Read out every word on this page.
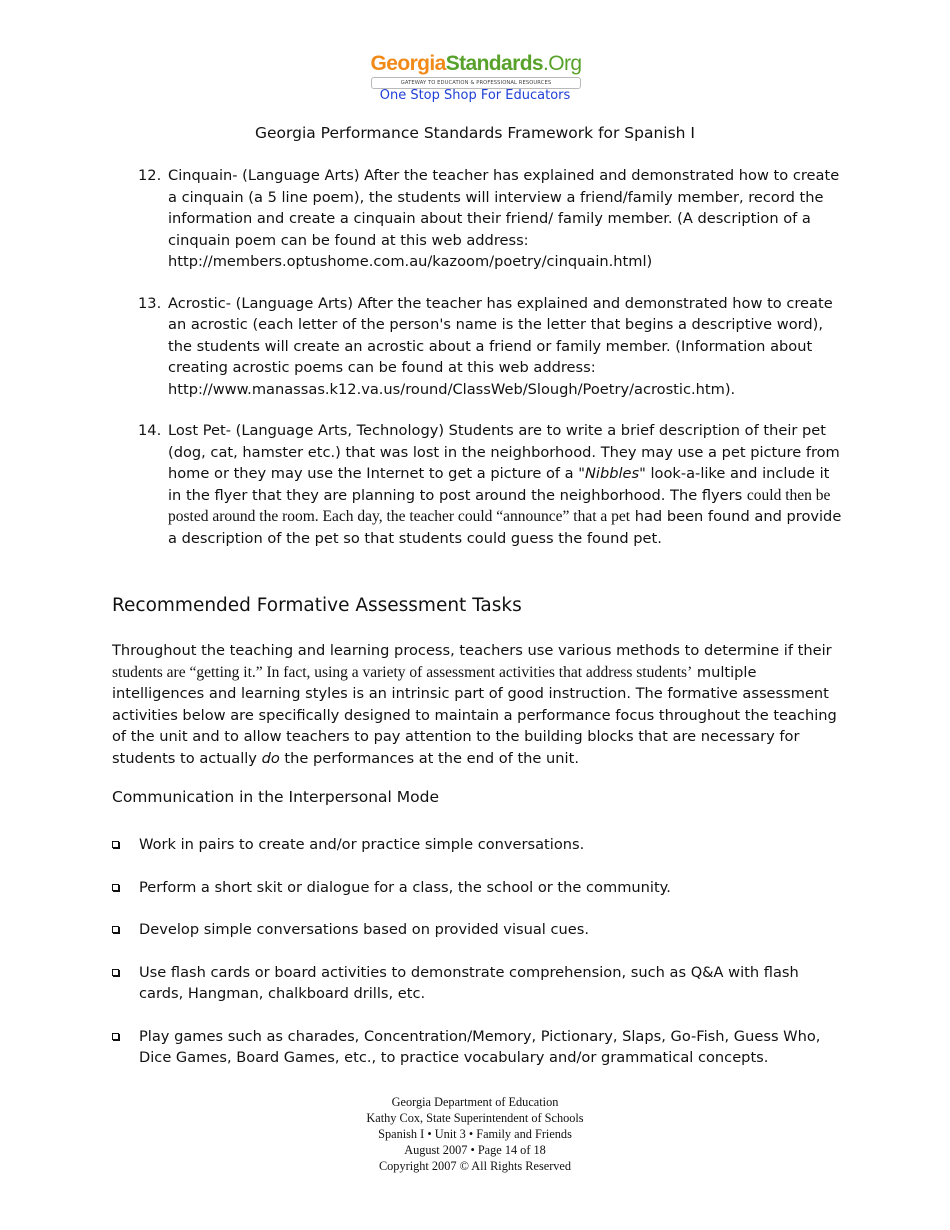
GeorgiaStandards.Org
GATEWAY TO EDUCATION & PROFESSIONAL RESOURCES
One Stop Shop For Educators
Georgia Performance Standards Framework for Spanish I
12. Cinquain- (Language Arts) After the teacher has explained and demonstrated how to create a cinquain (a 5 line poem), the students will interview a friend/family member, record the information and create a cinquain about their friend/ family member. (A description of a cinquain poem can be found at this web address: http://members.optushome.com.au/kazoom/poetry/cinquain.html)

13. Acrostic- (Language Arts) After the teacher has explained and demonstrated how to create an acrostic (each letter of the person's name is the letter that begins a descriptive word), the students will create an acrostic about a friend or family member. (Information about creating acrostic poems can be found at this web address: http://www.manassas.k12.va.us/round/ClassWeb/Slough/Poetry/acrostic.htm).

14. Lost Pet- (Language Arts, Technology) Students are to write a brief description of their pet (dog, cat, hamster etc.) that was lost in the neighborhood. They may use a pet picture from home or they may use the Internet to get a picture of a "Nibbles" look-a-like and include it in the flyer that they are planning to post around the neighborhood. The flyers could then be posted around the room. Each day, the teacher could “announce” that a pet had been found and provide a description of the pet so that students could guess the found pet.

Recommended Formative Assessment Tasks

Throughout the teaching and learning process, teachers use various methods to determine if their students are “getting it.” In fact, using a variety of assessment activities that address students’ multiple intelligences and learning styles is an intrinsic part of good instruction. The formative assessment activities below are specifically designed to maintain a performance focus throughout the teaching of the unit and to allow teachers to pay attention to the building blocks that are necessary for students to actually do the performances at the end of the unit.

Communication in the Interpersonal Mode

Work in pairs to create and/or practice simple conversations.

Perform a short skit or dialogue for a class, the school or the community.

Develop simple conversations based on provided visual cues.

Use flash cards or board activities to demonstrate comprehension, such as Q&A with flash cards, Hangman, chalkboard drills, etc.

Play games such as charades, Concentration/Memory, Pictionary, Slaps, Go-Fish, Guess Who, Dice Games, Board Games, etc., to practice vocabulary and/or grammatical concepts.

Georgia Department of Education
Kathy Cox, State Superintendent of Schools
Spanish I • Unit 3 • Family and Friends
August 2007 • Page 14 of 18
Copyright 2007 © All Rights Reserved
